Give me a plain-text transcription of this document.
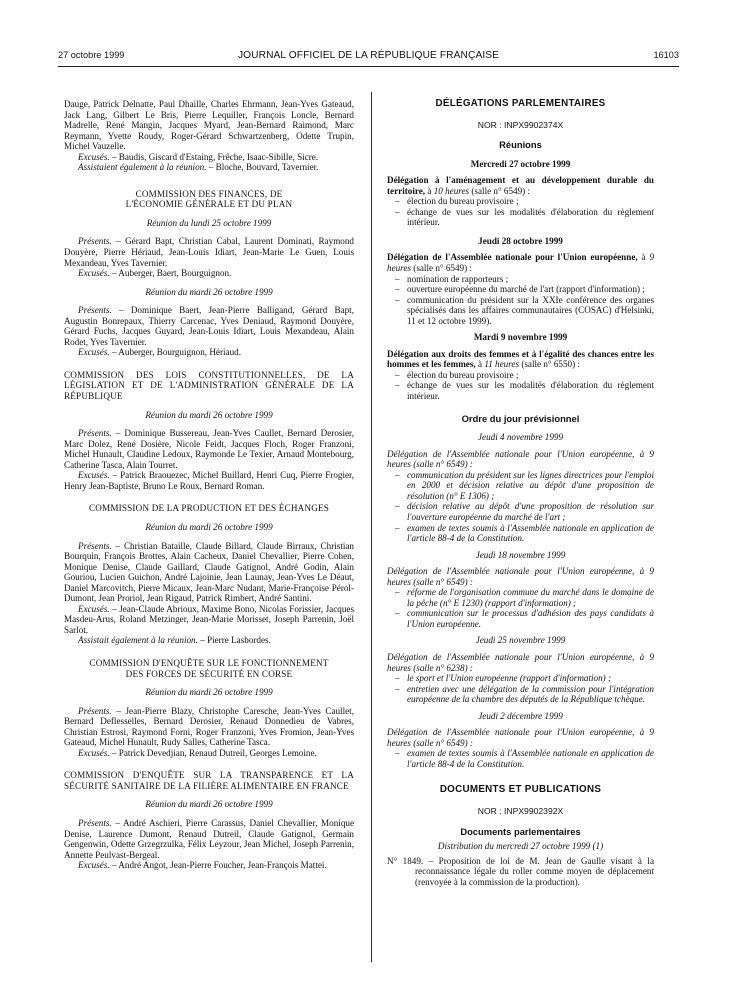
27 octobre 1999	JOURNAL OFFICIEL DE LA RÉPUBLIQUE FRANÇAISE	16103

Dauge, Patrick Delnatte, Paul Dhaille, Charles Ehrmann, Jean-Yves Gateaud, Jack Lang, Gilbert Le Bris, Pierre Lequiller, François Loncle, Bernard Madrelle, René Mangin, Jacques Myard, Jean-Bernard Raimond, Marc Reymann, Yvette Roudy, Roger-Gérard Schwartzenberg, Odette Trupin, Michel Vauzelle.

Excusés. – Baudis, Giscard d'Estaing, Frêche, Isaac-Sibille, Sicre.

Assistaient également à la réunion. – Bloche, Bouvard, Tavernier.

COMMISSION DES FINANCES, DE L'ÉCONOMIE GÉNÉRALE ET DU PLAN

Réunion du lundi 25 octobre 1999

Présents. – Gérard Bapt, Christian Cabal, Laurent Dominati, Raymond Douyère, Pierre Hériaud, Jean-Louis Idiart, Jean-Marie Le Guen, Louis Mexandeau, Yves Tavernier.

Excusés. – Auberger, Baert, Bourguignon.

Réunion du mardi 26 octobre 1999

Présents. – Dominique Baert, Jean-Pierre Balligand, Gérard Bapt, Augustin Bonrepaux, Thierry Carcenac, Yves Deniaud, Raymond Douyère, Gérard Fuchs, Jacques Guyard, Jean-Louis Idiart, Louis Mexandeau, Alain Rodet, Yves Tavernier.

Excusés. – Auberger, Bourguignon, Hériaud.

COMMISSION DES LOIS CONSTITUTIONNELLES, DE LA LÉGISLATION ET DE L'ADMINISTRATION GÉNÉRALE DE LA RÉPUBLIQUE

Réunion du mardi 26 octobre 1999

Présents. – Dominique Bussereau, Jean-Yves Caullet, Bernard Derosier, Marc Dolez, René Dosière, Nicole Feidt, Jacques Floch, Roger Franzoni, Michel Hunault, Claudine Ledoux, Raymonde Le Texier, Arnaud Montebourg, Catherine Tasca, Alain Tourret.

Excusés. – Patrick Braouezec, Michel Buillard, Henri Cuq, Pierre Frogier, Henry Jean-Baptiste, Bruno Le Roux, Bernard Roman.

COMMISSION DE LA PRODUCTION ET DES ÉCHANGES

Réunion du mardi 26 octobre 1999

Présents. – Christian Bataille, Claude Billard, Claude Birraux, Christian Bourquin, François Brottes, Alain Cacheux, Daniel Chevallier, Pierre Cohen, Monique Denise, Claude Gaillard, Claude Gatignol, André Godin, Alain Gouriou, Lucien Guichon, André Lajoinie, Jean Launay, Jean-Yves Le Déaut, Daniel Marcovitch, Pierre Micaux, Jean-Marc Nudant, Marie-Françoise Pérol-Dumont, Jean Proriol, Jean Rigaud, Patrick Rimbert, André Santini.

Excusés. – Jean-Claude Abrioux, Maxime Bono, Nicolas Forissier, Jacques Masdeu-Arus, Roland Metzinger, Jean-Marie Morisset, Joseph Parrenin, Joël Sarlot.

Assistait également à la réunion. – Pierre Lasbordes.

COMMISSION D'ENQUÊTE SUR LE FONCTIONNEMENT DES FORCES DE SÉCURITÉ EN CORSE

Réunion du mardi 26 octobre 1999

Présents. – Jean-Pierre Blazy, Christophe Caresche, Jean-Yves Caullet, Bernard Deflesselles, Bernard Derosier, Renaud Donnedieu de Vabres, Christian Estrosi, Raymond Forni, Roger Franzoni, Yves Fromion, Jean-Yves Gateaud, Michel Hunault, Rudy Salles, Catherine Tasca.

Excusés. – Patrick Devedjian, Renaud Dutreil, Georges Lemoine.

COMMISSION D'ENQUÊTE SUR LA TRANSPARENCE ET LA SÉCURITÉ SANITAIRE DE LA FILIÈRE ALIMENTAIRE EN FRANCE

Réunion du mardi 26 octobre 1999

Présents. – André Aschieri, Pierre Carassus, Daniel Chevallier, Monique Denise, Laurence Dumont, Renaud Dutreil, Claude Gatignol, Germain Gengenwin, Odette Grzegrzulka, Félix Leyzour, Jean Michel, Joseph Parrenin, Annette Peulvast-Bergeal.

Excusés. – André Angot, Jean-Pierre Foucher, Jean-François Mattei.

DÉLÉGATIONS PARLEMENTAIRES

NOR : INPX9902374X

Réunions

Mercredi 27 octobre 1999

Délégation à l'aménagement et au développement durable du territoire, à 10 heures (salle n° 6549) :

– élection du bureau provisoire ;
– échange de vues sur les modalités d'élaboration du règlement intérieur.

Jeudi 28 octobre 1999

Délégation de l'Assemblée nationale pour l'Union européenne, à 9 heures (salle n° 6549) :

– nomination de rapporteurs ;
– ouverture européenne du marché de l'art (rapport d'information) ;
– communication du président sur la XXIe conférence des organes spécialisés dans les affaires communautaires (COSAC) d'Helsinki, 11 et 12 octobre 1999).

Mardi 9 novembre 1999

Délégation aux droits des femmes et à l'égalité des chances entre les hommes et les femmes, à 11 heures (salle n° 6550) :

– élection du bureau provisoire ;
– échange de vues sur les modalités d'élaboration du règlement intérieur.

Ordre du jour prévisionnel

Jeudi 4 novembre 1999

Délégation de l'Assemblée nationale pour l'Union européenne, à 9 heures (salle n° 6549) :

– communication du président sur les lignes directrices pour l'emploi en 2000 et décision relative au dépôt d'une proposition de résolution (n° E 1306) ;
– décision relative au dépôt d'une proposition de résolution sur l'ouverture européenne du marché de l'art ;
– examen de textes soumis à l'Assemblée nationale en application de l'article 88-4 de la Constitution.

Jeudi 18 novembre 1999

Délégation de l'Assemblée nationale pour l'Union européenne, à 9 heures (salle n° 6549) :

– réforme de l'organisation commune du marché dans le domaine de la pêche (n° E 1230) (rapport d'information) ;
– communication sur le processus d'adhésion des pays candidats à l'Union européenne.

Jeudi 25 novembre 1999

Délégation de l'Assemblée nationale pour l'Union européenne, à 9 heures (salle n° 6238) :

– le sport et l'Union européenne (rapport d'information) ;
– entretien avec une délégation de la commission pour l'intégration européenne de la chambre des députés de la République tchèque.

Jeudi 2 décembre 1999

Délégation de l'Assemblée nationale pour l'Union européenne, à 9 heures (salle n° 6549) :

– examen de textes soumis à l'Assemblée nationale en application de l'article 88-4 de la Constitution.

DOCUMENTS ET PUBLICATIONS

NOR : INPX9902392X

Documents parlementaires

Distribution du mercredi 27 octobre 1999 (1)

N° 1849. – Proposition de loi de M. Jean de Gaulle visant à la reconnaissance légale du roller comme moyen de déplacement (renvoyée à la commission de la production).
